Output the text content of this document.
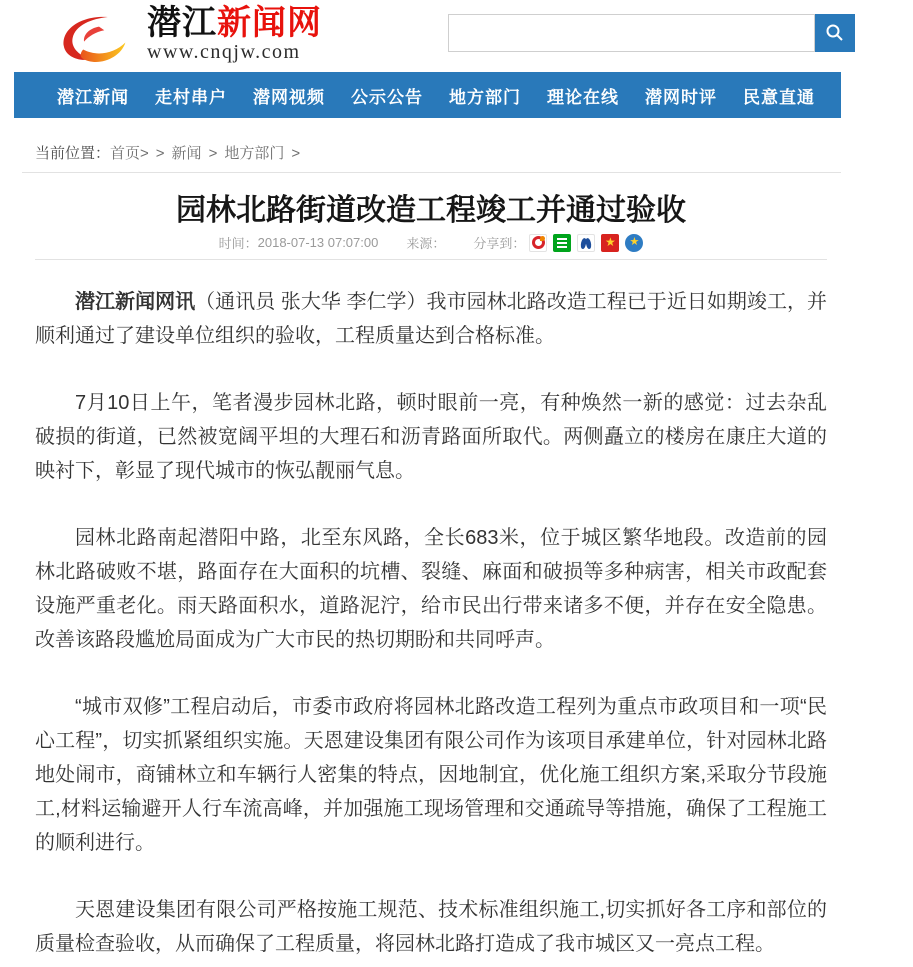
潜江新闻网
www.cnqjw.com
潜江新闻 走村串户 潜网视频 公示公告 地方部门 理论在线 潜网时评 民意直通 网络问政
当前位置：首页> > 新闻 > 地方部门 >
园林北路街道改造工程竣工并通过验收
时间： 2018-07-13 07:07:00 来源： 分享到：
★
★

潜江新闻网讯（通讯员 张大华 李仁学）我市园林北路改造工程已于近日如期竣工，并顺利通过了建设单位组织的验收，工程质量达到合格标准。

7月10日上午，笔者漫步园林北路，顿时眼前一亮，有种焕然一新的感觉：过去杂乱破损的街道，已然被宽阔平坦的大理石和沥青路面所取代。两侧矗立的楼房在康庄大道的映衬下，彰显了现代城市的恢弘靓丽气息。

园林北路南起潜阳中路，北至东风路，全长683米，位于城区繁华地段。改造前的园林北路破败不堪，路面存在大面积的坑槽、裂缝、麻面和破损等多种病害，相关市政配套设施严重老化。雨天路面积水，道路泥泞，给市民出行带来诸多不便，并存在安全隐患。改善该路段尴尬局面成为广大市民的热切期盼和共同呼声。

“城市双修”工程启动后，市委市政府将园林北路改造工程列为重点市政项目和一项“民心工程”，切实抓紧组织实施。天恩建设集团有限公司作为该项目承建单位，针对园林北路地处闹市，商铺林立和车辆行人密集的特点，因地制宜，优化施工组织方案,采取分节段施工,材料运输避开人行车流高峰，并加强施工现场管理和交通疏导等措施，确保了工程施工的顺利进行。

天恩建设集团有限公司严格按施工规范、技术标准组织施工,切实抓好各工序和部位的质量检查验收，从而确保了工程质量，将园林北路打造成了我市城区又一亮点工程。
